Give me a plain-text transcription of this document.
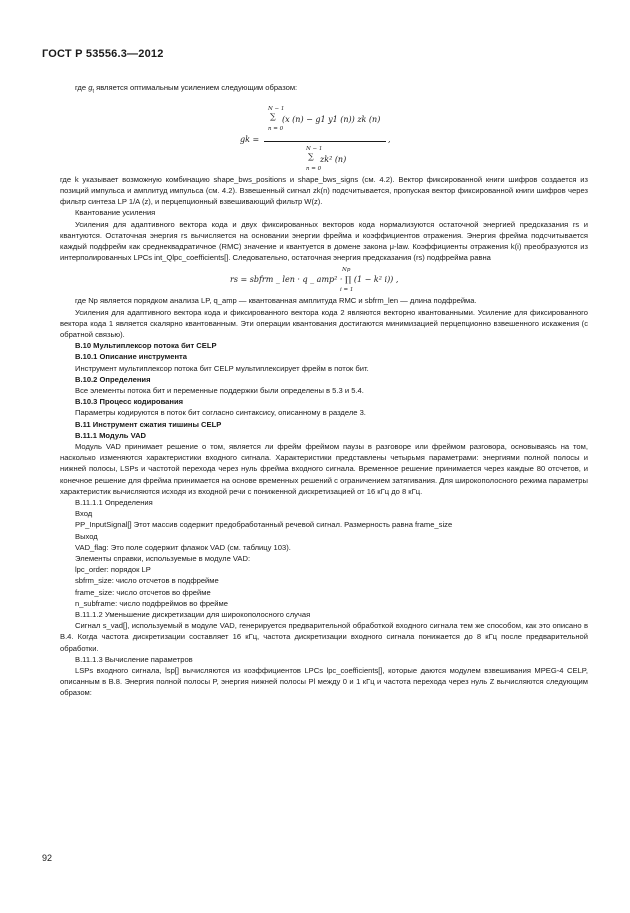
ГОСТ Р 53556.3—2012

где $g_t$ является оптимальным усилением следующим образом:

gk =
N − 1
∑
n = 0
(x (n) − g1 y1 (n)) zk (n)
N − 1
∑
n = 0
zk² (n)
,

где k указывает возможную комбинацию shape_bws_positions и shape_bws_signs (см. 4.2). Вектор фиксированной книги шифров создается из позиций импульса и амплитуд импульса (см. 4.2). Взвешенный сигнал zk(n) подсчитывается, пропуская вектор фиксированной книги шифров через фильтр синтеза LP 1/A (z), и перцепционный взвешивающий фильтр W(z).

Квантование усиления

Усиления для адаптивного вектора кода и двух фиксированных векторов кода нормализуются остаточной энергией предсказания rs и квантуются. Остаточная энергия rs вычисляется на основании энергии фрейма и коэффициентов отражения. Энергия фрейма подсчитывается каждый подфрейм как среднеквадратичное (RMC) значение и квантуется в домене закона μ-law. Коэффициенты отражения k(i) преобразуются из интерполированных LPCs int_Qlpc_coefficients[]. Следовательно, остаточная энергия предсказания (rs) подфрейма равна

Np
rs = sbfrm _ len · q _ amp² · ∏ (1 − k² i)) ,
i = 1

где Np является порядком анализа LP, q_amp — квантованная амплитуда RMC и sbfrm_len — длина подфрейма.

Усиления для адаптивного вектора кода и фиксированного вектора кода 2 являются векторно квантованными. Усиление для фиксированного вектора кода 1 является скалярно квантованным. Эти операции квантования достигаются минимизацией перцепционно взвешенного искажения (с обратной связью).

В.10 Мультиплексор потока бит CELP

В.10.1 Описание инструмента

Инструмент мультиплексор потока бит CELP мультиплексирует фрейм в поток бит.

В.10.2 Определения

Все элементы потока бит и переменные поддержки были определены в 5.3 и 5.4.

В.10.3 Процесс кодирования

Параметры кодируются в поток бит согласно синтаксису, описанному в разделе 3.

В.11 Инструмент сжатия тишины CELP

В.11.1 Модуль VAD

Модуль VAD принимает решение о том, является ли фрейм фреймом паузы в разговоре или фреймом разговора, основываясь на том, насколько изменяются характеристики входного сигнала. Характеристики представлены четырьмя параметрами: энергиями полной полосы и нижней полосы, LSPs и частотой перехода через нуль фрейма входного сигнала. Временное решение принимается через каждые 80 отсчетов, и конечное решение для фрейма принимается на основе временных решений с ограничением затягивания. Для широкополосного режима параметры характеристик вычисляются исходя из входной речи с пониженной дискретизацией от 16 кГц до 8 кГц.

В.11.1.1 Определения

Вход

PP_InputSignal[] Этот массив содержит предобработанный речевой сигнал. Размерность равна frame_size

Выход

VAD_flag: Это поле содержит флажок VAD (см. таблицу 103).

Элементы справки, используемые в модуле VAD:

lpc_order: порядок LP

sbfrm_size: число отсчетов в подфрейме

frame_size: число отсчетов во фрейме

n_subframe: число подфреймов во фрейме

В.11.1.2 Уменьшение дискретизации для широкополосного случая

Сигнал s_vad[], используемый в модуле VAD, генерируется предварительной обработкой входного сигнала тем же способом, как это описано в В.4. Когда частота дискретизации составляет 16 кГц, частота дискретизации входного сигнала понижается до 8 кГц после предварительной обработки.

В.11.1.3 Вычисление параметров

LSPs входного сигнала, lsp[] вычисляются из коэффициентов LPCs lpc_coefficients[], которые даются модулем взвешивания MPEG-4 CELP, описанным в В.8. Энергия полной полосы P, энергия нижней полосы Pl между 0 и 1 кГц и частота перехода через нуль Z вычисляются следующим образом:

92
